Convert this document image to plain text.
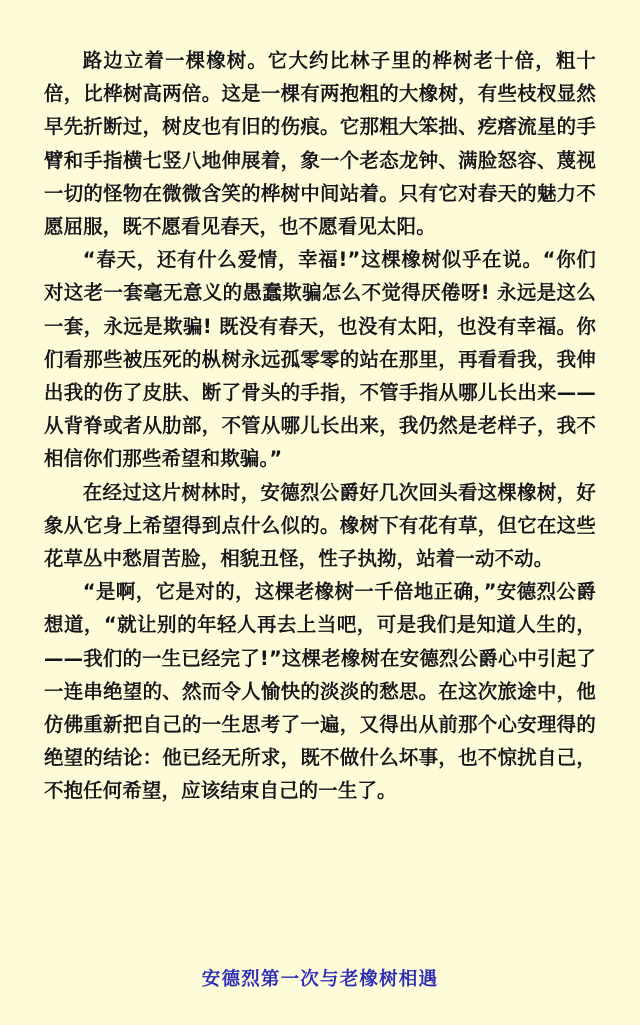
路边立着一棵橡树。它大约比林子里的桦树老十倍，粗十倍，比桦树高两倍。这是一棵有两抱粗的大橡树，有些枝杈显然早先折断过，树皮也有旧的伤痕。它那粗大笨拙、疙瘩流星的手臂和手指横七竖八地伸展着，象一个老态龙钟、满脸怒容、蔑视一切的怪物在微微含笑的桦树中间站着。只有它对春天的魅力不愿屈服，既不愿看见春天，也不愿看见太阳。

“春天，还有什么爱情，幸福!”这棵橡树似乎在说。“你们对这老一套毫无意义的愚蠢欺骗怎么不觉得厌倦呀! 永远是这么一套，永远是欺骗! 既没有春天，也没有太阳，也没有幸福。你们看那些被压死的枞树永远孤零零的站在那里，再看看我，我伸出我的伤了皮肤、断了骨头的手指，不管手指从哪儿长出来——从背脊或者从肋部，不管从哪儿长出来，我仍然是老样子，我不相信你们那些希望和欺骗。”

在经过这片树林时，安德烈公爵好几次回头看这棵橡树，好象从它身上希望得到点什么似的。橡树下有花有草，但它在这些花草丛中愁眉苦脸，相貌丑怪，性子执拗，站着一动不动。

“是啊，它是对的，这棵老橡树一千倍地正确，”安德烈公爵想道，“就让别的年轻人再去上当吧，可是我们是知道人生的，——我们的一生已经完了!”这棵老橡树在安德烈公爵心中引起了一连串绝望的、然而令人愉快的淡淡的愁思。在这次旅途中，他仿佛重新把自己的一生思考了一遍，又得出从前那个心安理得的绝望的结论：他已经无所求，既不做什么坏事，也不惊扰自己，不抱任何希望，应该结束自己的一生了。

安德烈第一次与老橡树相遇
